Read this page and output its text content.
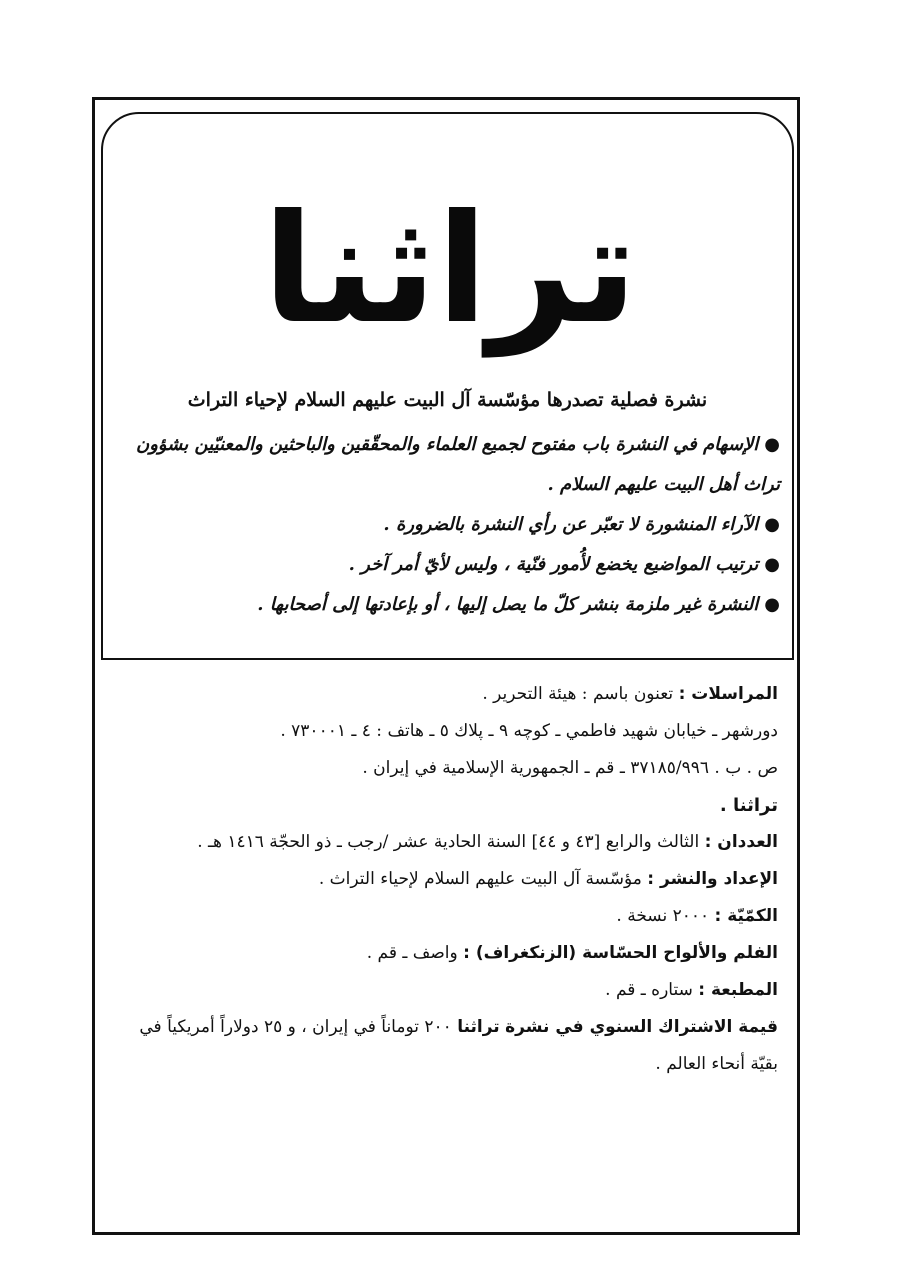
تراثنا

نشرة فصلية تصدرها مؤسّسة آل البيت عليهم السلام لإحياء التراث

●الإسهام في النشرة باب مفتوح لجميع العلماء والمحقّقين والباحثين والمعنيّين بشؤون تراث أهل البيت عليهم السلام .

●الآراء المنشورة لا تعبّر عن رأي النشرة بالضرورة .

●ترتيب المواضيع يخضع لأُمور فنّية ، وليس لأيّ أمر آخر .

●النشرة غير ملزمة بنشر كلّ ما يصل إليها ، أو بإعادتها إلى أصحابها .

المراسلات : تعنون باسم : هيئة التحرير .

دورشهر ـ خيابان شهيد فاطمي ـ كوچه ٩ ـ پلاك ٥ ـ هاتف : ٤ ـ ٧٣٠٠٠١ .

ص . ب . ٣٧١٨٥/٩٩٦ ـ قم ـ الجمهورية الإسلامية في إيران .

تراثنا .

العددان : الثالث والرابع [٤٣ و ٤٤] السنة الحادية عشر /رجب ـ ذو الحجّة ١٤١٦ هـ .

الإعداد والنشر : مؤسّسة آل البيت عليهم السلام لإحياء التراث .

الكمّيّة : ٢٠٠٠ نسخة .

الفلم والألواح الحسّاسة (الزنكغراف) : واصف ـ قم .

المطبعة : ستاره ـ قم .

قيمة الاشتراك السنوي في نشرة تراثنا ٢٠٠ توماناً في إيران ، و ٢٥ دولاراً أمريكياً في بقيّة أنحاء العالم .
